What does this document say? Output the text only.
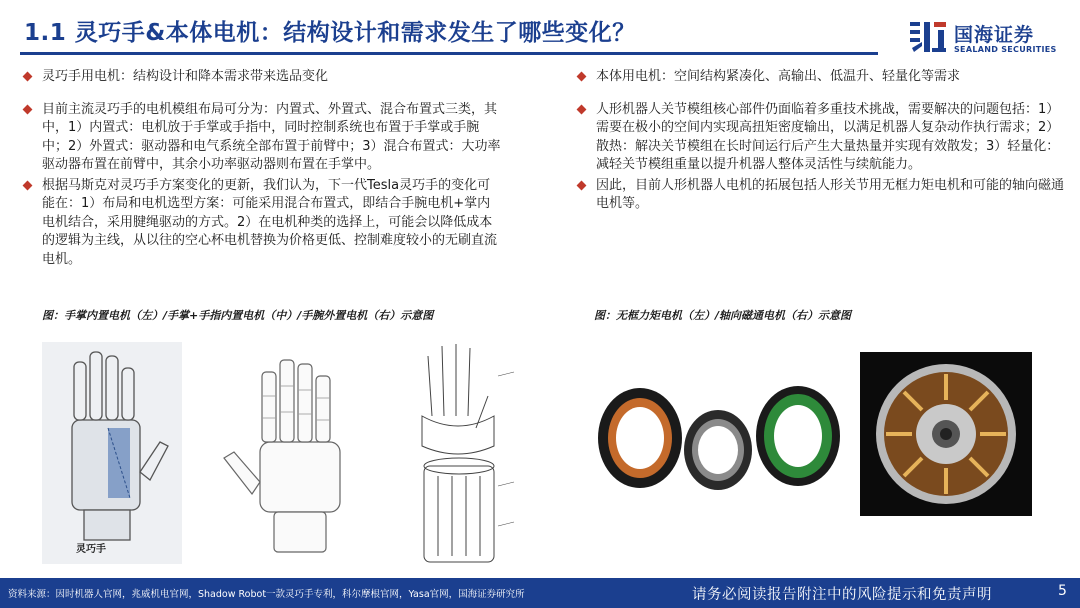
1.1 灵巧手&本体电机：结构设计和需求发生了哪些变化？	国海证券
SEALAND SECURITIES
灵巧手用电机：结构设计和降本需求带来选品变化
目前主流灵巧手的电机模组布局可分为：内置式、外置式、混合布置式三类，其中，1）内置式：电机放于手掌或手指中，同时控制系统也布置于手掌或手腕中；2）外置式：驱动器和电气系统全部布置于前臂中；3）混合布置式：大功率驱动器布置在前臂中，其余小功率驱动器则布置在手掌中。
根据马斯克对灵巧手方案变化的更新，我们认为，下一代Tesla灵巧手的变化可能在：1）布局和电机选型方案：可能采用混合布置式，即结合手腕电机+掌内电机结合，采用腱绳驱动的方式。2）在电机种类的选择上，可能会以降低成本的逻辑为主线，从以往的空心杯电机替换为价格更低、控制难度较小的无刷直流电机。
本体用电机：空间结构紧凑化、高输出、低温升、轻量化等需求
人形机器人关节模组核心部件仍面临着多重技术挑战，需要解决的问题包括：1）需要在极小的空间内实现高扭矩密度输出，以满足机器人复杂动作执行需求；2）散热：解决关节模组在长时间运行后产生大量热量并实现有效散发；3）轻量化：减轻关节模组重量以提升机器人整体灵活性与续航能力。
因此，目前人形机器人电机的拓展包括人形关节用无框力矩电机和可能的轴向磁通电机等。
图：手掌内置电机（左）/手掌+手指内置电机（中）/手腕外置电机（右）示意图	图：无框力矩电机（左）/轴向磁通电机（右）示意图
灵巧手
资料来源：因时机器人官网，兆威机电官网，Shadow Robot一款灵巧手专利，科尔摩根官网，Yasa官网，国海证券研究所	请务必阅读报告附注中的风险提示和免责声明	5
